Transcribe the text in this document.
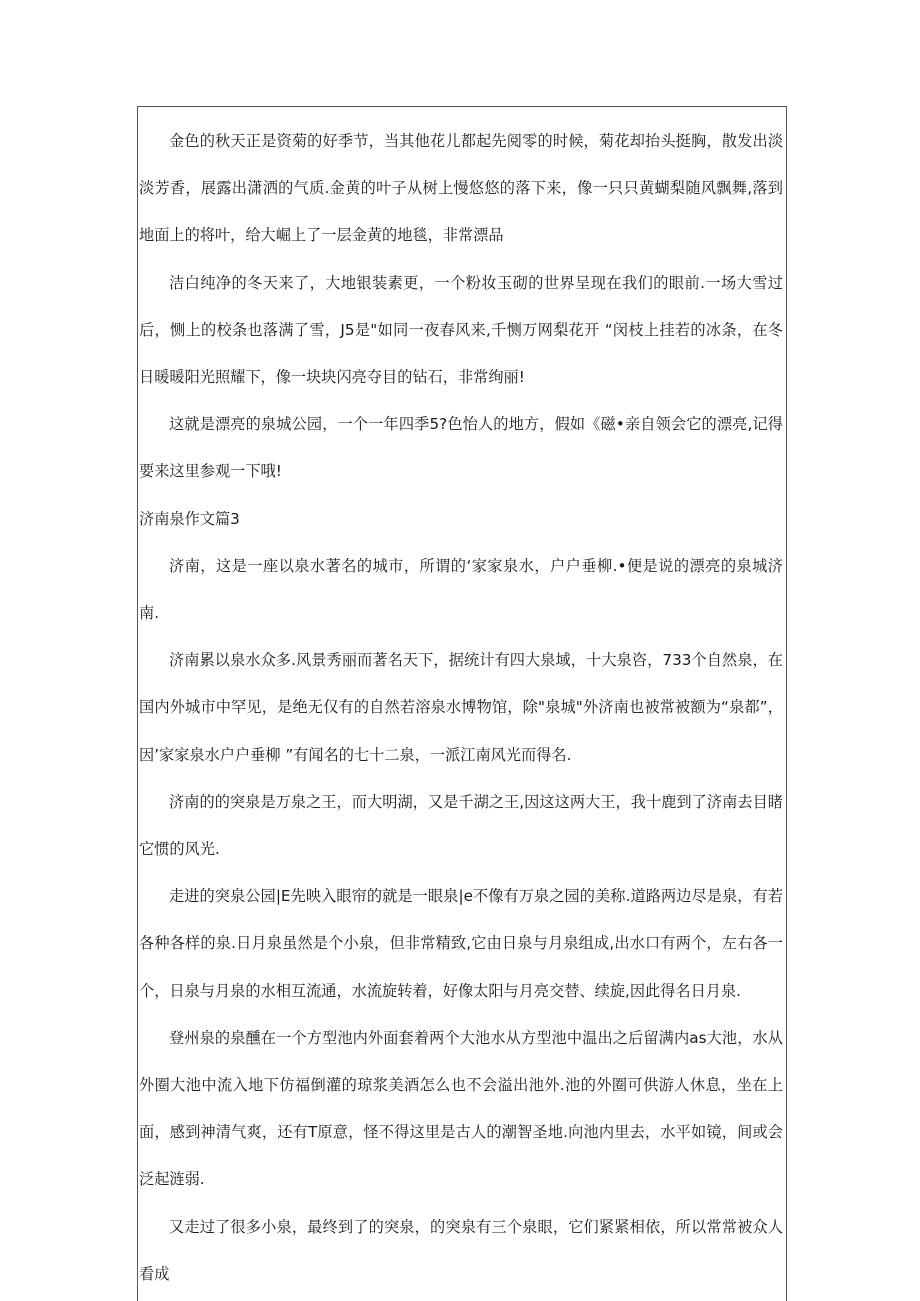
金色的秋天正是资菊的好季节，当其他花儿都起先阅零的时候，菊花却抬头挺胸，散发出淡淡芳香，展露出潇洒的气质.金黄的叶子从树上慢悠悠的落下来，像一只只黄蝴梨随风飘舞,落到地面上的将叶，给大崛上了一层金黄的地毯，非常漂品

洁白纯净的冬天来了，大地银装素更，一个粉妆玉砌的世界呈现在我们的眼前.一场大雪过后，恻上的校条也落满了雪，J5是"如同一夜春风来,千恻万网梨花开 “闵枝上挂若的冰条，在冬日暖暖阳光照耀下，像一块块闪亮夺目的钻石，非常绚丽!

这就是漂亮的泉城公园，一个一年四季5?色怡人的地方，假如《磁•亲自领会它的漂亮,记得要来这里参观一下哦!

济南泉作文篇3

济南，这是一座以泉水著名的城市，所谓的‘家家泉水，户户垂柳.•便是说的漂亮的泉城济南.

济南累以泉水众多.风景秀丽而著名天下，据统计有四大泉域，十大泉咨，733个自然泉，在国内外城市中罕见，是绝无仅有的自然若溶泉水博物馆，除"泉城"外济南也被常被额为“泉都”，因’家家泉水户户垂柳 ”有闻名的七十二泉，一派江南风光而得名.

济南的的突泉是万泉之王，而大明湖，又是千湖之王,因这这两大王，我十鹿到了济南去目睹它惯的风光.

走进的突泉公园|E先映入眼帘的就是一眼泉|e不像有万泉之园的美称.道路两边尽是泉，有若各种各样的泉.日月泉虽然是个小泉，但非常精致,它由日泉与月泉组成,出水口有两个，左右各一个，日泉与月泉的水相互流通，水流旋转着，好像太阳与月亮交替、续旋,因此得名日月泉.

登州泉的泉醺在一个方型池内外面套着两个大池水从方型池中温出之后留满内as大池，水从外圈大池中流入地下仿福倒灌的琼浆美酒怎么也不会溢出池外.池的外圈可供游人休息，坐在上面，感到神清气爽，还有T原意，怪不得这里是古人的潮智圣地.向池内里去，水平如镜，间或会泛起涟弱.

又走过了很多小泉，最终到了的突泉，的突泉有三个泉眼，它们紧紧相依，所以常常被众人看成
